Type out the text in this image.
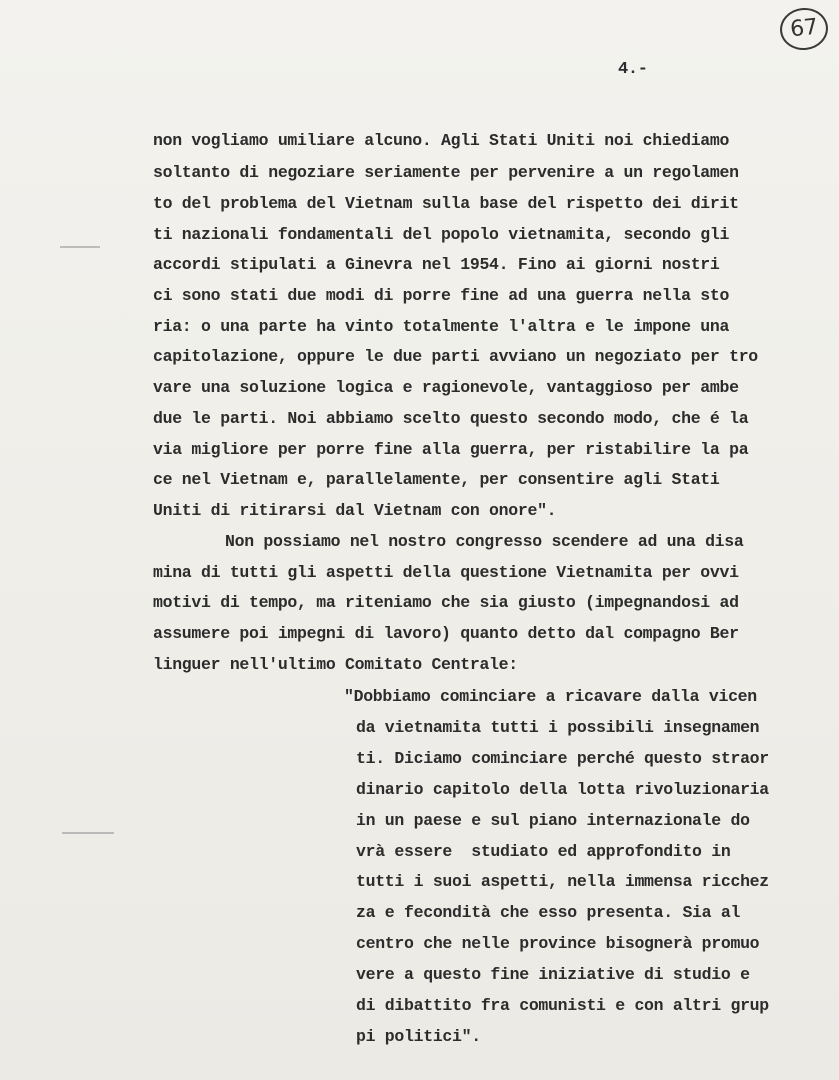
67
4.-
non vogliamo umiliare alcuno. Agli Stati Uniti noi chiediamo
soltanto di negoziare seriamente per pervenire a un regolamen
to del problema del Vietnam sulla base del rispetto dei dirit
ti nazionali fondamentali del popolo vietnamita, secondo gli
accordi stipulati a Ginevra nel 1954. Fino ai giorni nostri
ci sono stati due modi di porre fine ad una guerra nella sto
ria: o una parte ha vinto totalmente l'altra e le impone una
capitolazione, oppure le due parti avviano un negoziato per tro
vare una soluzione logica e ragionevole, vantaggioso per ambe
due le parti. Noi abbiamo scelto questo secondo modo, che é la
via migliore per porre fine alla guerra, per ristabilire la pa
ce nel Vietnam e, parallelamente, per consentire agli Stati
Uniti di ritirarsi dal Vietnam con onore".
Non possiamo nel nostro congresso scendere ad una disa
mina di tutti gli aspetti della questione Vietnamita per ovvi
motivi di tempo, ma riteniamo che sia giusto (impegnandosi ad
assumere poi impegni di lavoro) quanto detto dal compagno Ber
linguer nell'ultimo Comitato Centrale:
"Dobbiamo cominciare a ricavare dalla vicen
da vietnamita tutti i possibili insegnamen
ti. Diciamo cominciare perché questo straor
dinario capitolo della lotta rivoluzionaria
in un paese e sul piano internazionale do
vrà essere  studiato ed approfondito in
tutti i suoi aspetti, nella immensa ricchez
za e fecondità che esso presenta. Sia al
centro che nelle province bisognerà promuo
vere a questo fine iniziative di studio e
di dibattito fra comunisti e con altri grup
pi politici".
